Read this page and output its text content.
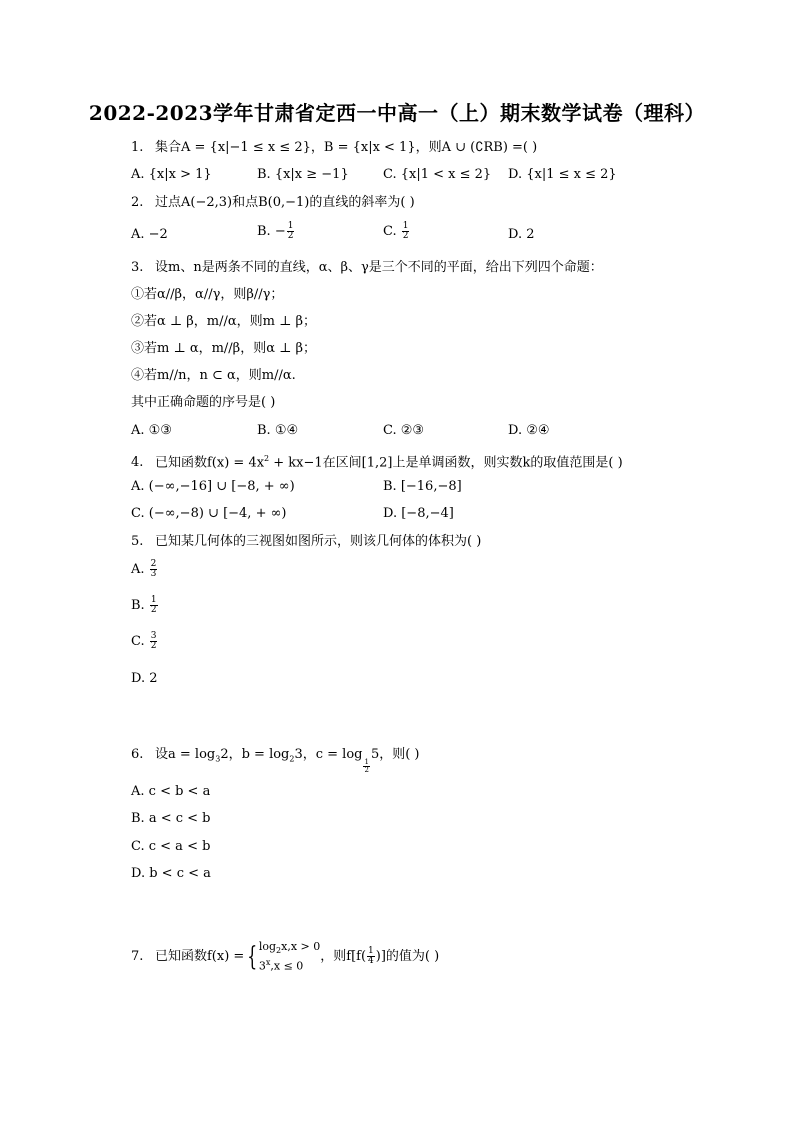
2022-2023学年甘肃省定西一中高一（上）期末数学试卷（理科）
1. 集合A = {x|−1 ≤ x ≤ 2}，B = {x|x < 1}，则A ∪ (∁RB) =( )
A. {x|x > 1}	B. {x|x ≥ −1}	C. {x|1 < x ≤ 2} D. {x|1 ≤ x ≤ 2}
2. 过点A(−2,3)和点B(0,−1)的直线的斜率为( )
A. −2	B. − $\frac{1}{2}$	C. $\frac{1}{2}$	D. 2
3. 设m、n是两条不同的直线，α、β、γ是三个不同的平面，给出下列四个命题：
①若α//β，α//γ，则β//γ；
②若α ⊥ β，m//α，则m ⊥ β；
③若m ⊥ α，m//β，则α ⊥ β；
④若m//n，n ⊂ α，则m//α.
其中正确命题的序号是( )
A. ①③	B. ①④	C. ②③	D. ②④
4. 已知函数$f(x) = 4x^2 + kx-1$在区间[1,2]上是单调函数，则实数k的取值范围是( )
A. (−∞,−16] ∪ [−8, + ∞)	B. [−16,−8]
C. (−∞,−8) ∪ [−4, + ∞)	D. [−8,−4]
5. 已知某几何体的三视图如图所示，则该几何体的体积为( )
A. $\frac{2}{3}$
B. $\frac{1}{2}$
C. $\frac{3}{2}$
D. 2
6. 设$a = \log_32$，$b = \log_23$，c = log
$\frac{1}{2}$
5，则( )
A. c < b < a
B. a < c < b
C. c < a < b
D. b < c < a
7. 已知函数f(x) = { $\log_2x,x > 0$
$3^x,x \le 0$
，则$f[f( \frac{1}{4}$ )]的值为( )
